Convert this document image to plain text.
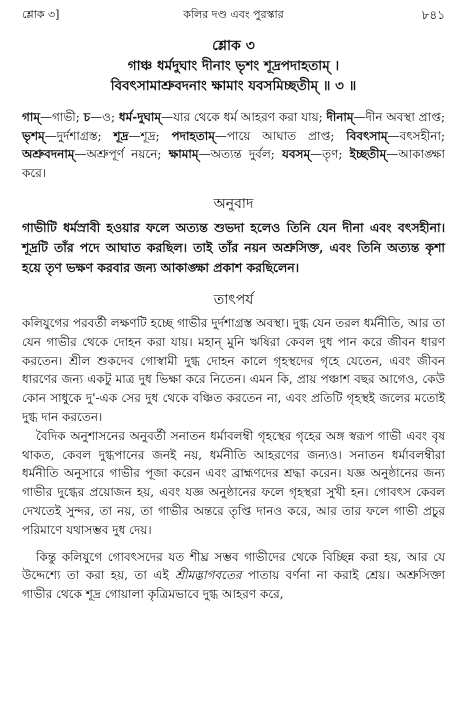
শ্লোক ৩]	কলির দণ্ড এবং পুরস্কার	৮৪১
শ্লোক ৩
গাঞ্চ ধর্মদুঘাং দীনাং ভৃশং শূদ্রপদাহতাম্ ।
বিবৎসামাশ্রুবদনাং ক্ষামাং যবসমিচ্ছতীম্ ॥ ৩ ॥
গাম্—গাভী; চ—ও; ধর্ম-দুঘাম্—যার থেকে ধর্ম আহরণ করা যায়; দীনাম্—দীন অবস্থা প্রাপ্ত; ভৃশম্—দুর্দশাগ্রস্ত; শূদ্র—শূদ্র; পদাহতাম্—পায়ে আঘাত প্রাপ্ত; বিবৎসাম্—বৎসহীনা; অশ্রুবদনাম্—অশ্রুপূর্ণ নয়নে; ক্ষামাম্—অত্যন্ত দুর্বল; যবসম্—তৃণ; ইচ্ছতীম্—আকাঙ্ক্ষা করে।
অনুবাদ
গাভীটি ধর্মস্রাবী হওয়ার ফলে অত্যন্ত শুভদা হলেও তিনি যেন দীনা এবং বৎসহীনা। শূদ্রটি তাঁর পদে আঘাত করছিল। তাই তাঁর নয়ন অশ্রুসিক্ত, এবং তিনি অত্যন্ত কৃশা হয়ে তৃণ ভক্ষণ করবার জন্য আকাঙ্ক্ষা প্রকাশ করছিলেন।
তাৎপর্য

কলিযুগের পরবর্তী লক্ষণটি হচ্ছে গাভীর দুর্দশাগ্রস্ত অবস্থা। দুগ্ধ যেন তরল ধর্মনীতি, আর তা যেন গাভীর থেকে দোহন করা যায়। মহান্ মুনি ঋষিরা কেবল দুধ পান করে জীবন ধারণ করতেন। শ্রীল শুকদেব গোস্বামী দুগ্ধ দোহন কালে গৃহস্থদের গৃহে যেতেন, এবং জীবন ধারণের জন্য একটু মাত্র দুধ ভিক্ষা করে নিতেন। এমন কি, প্রায় পঞ্চাশ বছর আগেও, কেউ কোন সাধুকে দু'-এক সের দুধ থেকে বঞ্চিত করতেন না, এবং প্রতিটি গৃহস্থই জলের মতোই দুগ্ধ দান করতেন।

বৈদিক অনুশাসনের অনুবর্তী সনাতন ধর্মাবলম্বী গৃহস্থের গৃহের অঙ্গ স্বরূপ গাভী এবং বৃষ থাকত, কেবল দুগ্ধপানের জনই নয়, ধর্মনীতি আহরণের জন্যও। সনাতন ধর্মাবলম্বীরা ধর্মনীতি অনুসারে গাভীর পূজা করেন এবং ব্রাহ্মণদের শ্রদ্ধা করেন। যজ্ঞ অনুষ্ঠানের জন্য গাভীর দুগ্ধের প্রয়োজন হয়, এবং যজ্ঞ অনুষ্ঠানের ফলে গৃহস্থরা সুখী হন। গোবৎস কেবল দেখতেই সুন্দর, তা নয়, তা গাভীর অন্তরে তৃপ্তি দানও করে, আর তার ফলে গাভী প্রচুর পরিমাণে যথাসম্ভব দুধ দেয়।

কিন্তু কলিযুগে গোবৎসদের যত শীঘ্র সম্ভব গাভীদের থেকে বিচ্ছিন্ন করা হয়, আর যে উদ্দেশ্যে তা করা হয়, তা এই শ্রীমদ্ভাগবতের পাতায় বর্ণনা না করাই শ্রেয়। অশ্রুসিক্তা গাভীর থেকে শূদ্র গোয়ালা কৃত্রিমভাবে দুগ্ধ আহরণ করে,
